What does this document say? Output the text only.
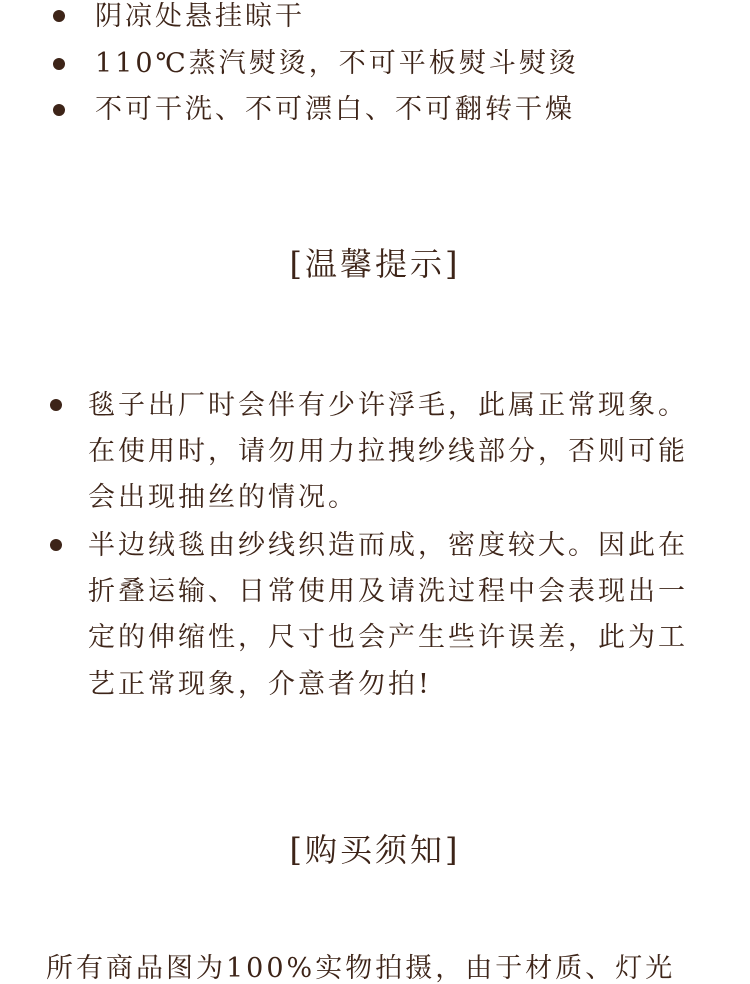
阴凉处悬挂晾干
110℃蒸汽熨烫，不可平板熨斗熨烫
不可干洗、不可漂白、不可翻转干燥
[温馨提示]
毯子出厂时会伴有少许浮毛，此属正常现象。
在使用时，请勿用力拉拽纱线部分，否则可能
会出现抽丝的情况。
半边绒毯由纱线织造而成，密度较大。因此在
折叠运输、日常使用及请洗过程中会表现出一
定的伸缩性，尺寸也会产生些许误差，此为工
艺正常现象，介意者勿拍!
[购买须知]
所有商品图为100%实物拍摄，由于材质、灯光
